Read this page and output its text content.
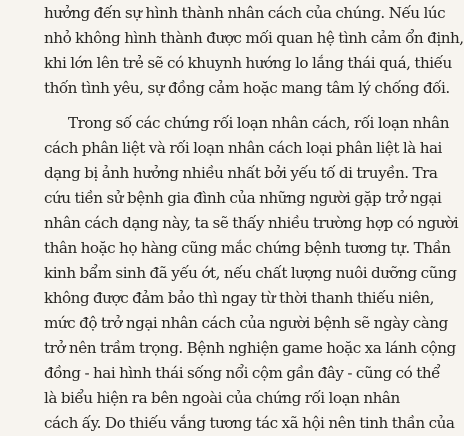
hưởng đến sự hình thành nhân cách của chúng. Nếu lúc
nhỏ không hình thành được mối quan hệ tình cảm ổn định,
khi lớn lên trẻ sẽ có khuynh hướng lo lắng thái quá, thiếu
thốn tình yêu, sự đồng cảm hoặc mang tâm lý chống đối.
Trong số các chứng rối loạn nhân cách, rối loạn nhân
cách phân liệt và rối loạn nhân cách loại phân liệt là hai
dạng bị ảnh hưởng nhiều nhất bởi yếu tố di truyền. Tra
cứu tiền sử bệnh gia đình của những người gặp trở ngại
nhân cách dạng này, ta sẽ thấy nhiều trường hợp có người
thân hoặc họ hàng cũng mắc chứng bệnh tương tự. Thần
kinh bẩm sinh đã yếu ớt, nếu chất lượng nuôi dưỡng cũng
không được đảm bảo thì ngay từ thời thanh thiếu niên,
mức độ trở ngại nhân cách của người bệnh sẽ ngày càng
trở nên trầm trọng. Bệnh nghiện game hoặc xa lánh cộng
đồng - hai hình thái sống nổi cộm gần đây - cũng có thể
là biểu hiện ra bên ngoài của chứng rối loạn nhân
cách ấy. Do thiếu vắng tương tác xã hội nên tinh thần của
